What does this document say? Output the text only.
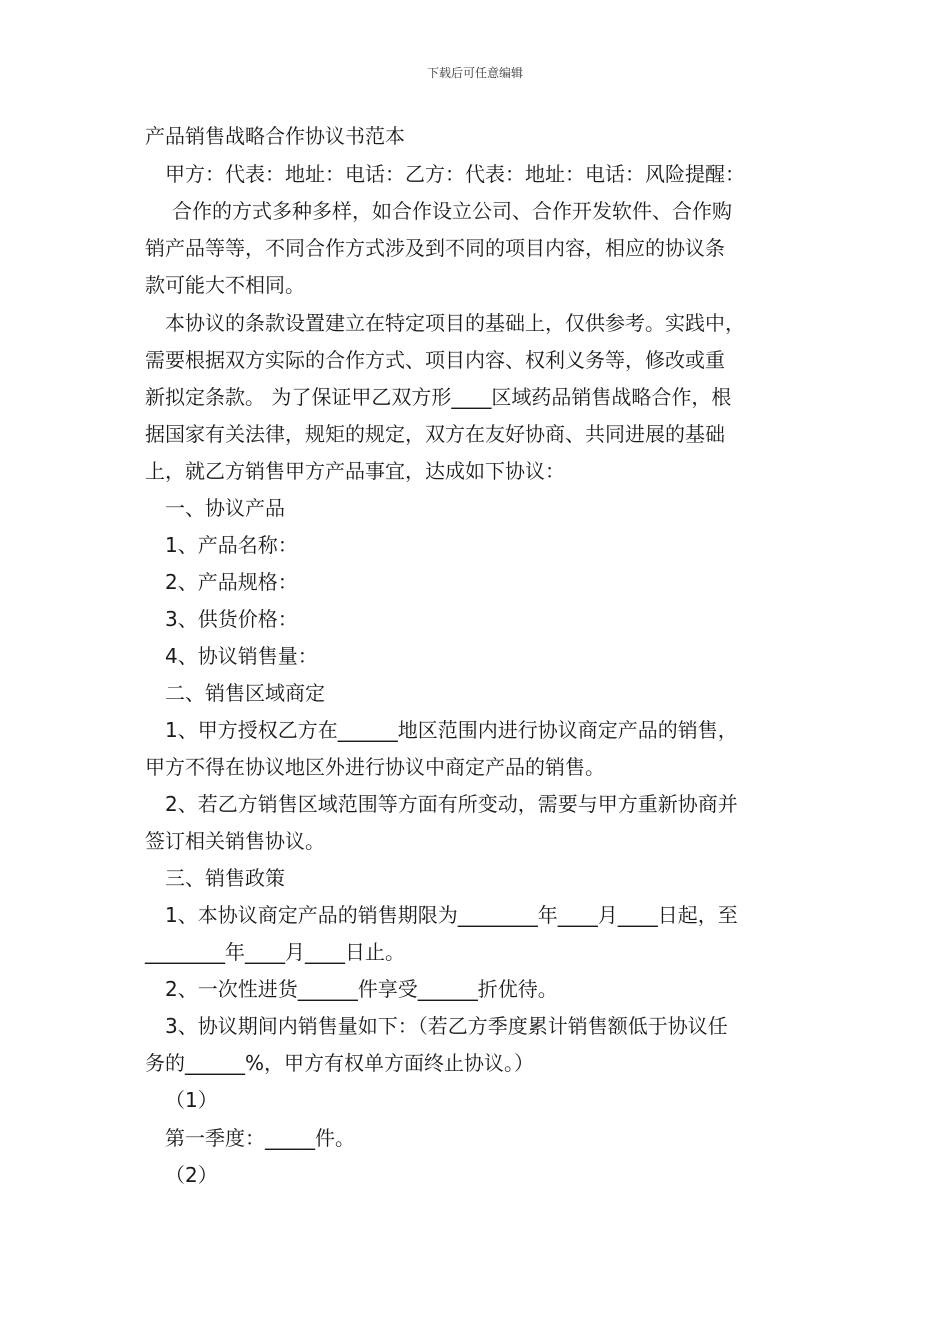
下载后可任意编辑
产品销售战略合作协议书范本
甲方：代表：地址：电话：乙方：代表：地址：电话：风险提醒：
合作的方式多种多样，如合作设立公司、合作开发软件、合作购
销产品等等，不同合作方式涉及到不同的项目内容，相应的协议条
款可能大不相同。
本协议的条款设置建立在特定项目的基础上，仅供参考。实践中，
需要根据双方实际的合作方式、项目内容、权利义务等，修改或重
新拟定条款。 为了保证甲乙双方形____区域药品销售战略合作，根
据国家有关法律，规矩的规定，双方在友好协商、共同进展的基础
上，就乙方销售甲方产品事宜，达成如下协议：
一、协议产品
1、产品名称：
2、产品规格：
3、供货价格：
4、协议销售量：
二、销售区域商定
1、甲方授权乙方在______地区范围内进行协议商定产品的销售，
甲方不得在协议地区外进行协议中商定产品的销售。
2、若乙方销售区域范围等方面有所变动，需要与甲方重新协商并
签订相关销售协议。
三、销售政策
1、本协议商定产品的销售期限为________年____月____日起，至
________年____月____日止。
2、一次性进货______件享受______折优待。
3、协议期间内销售量如下：（若乙方季度累计销售额低于协议任
务的______%，甲方有权单方面终止协议。）
（1）
第一季度：_____件。
（2）
